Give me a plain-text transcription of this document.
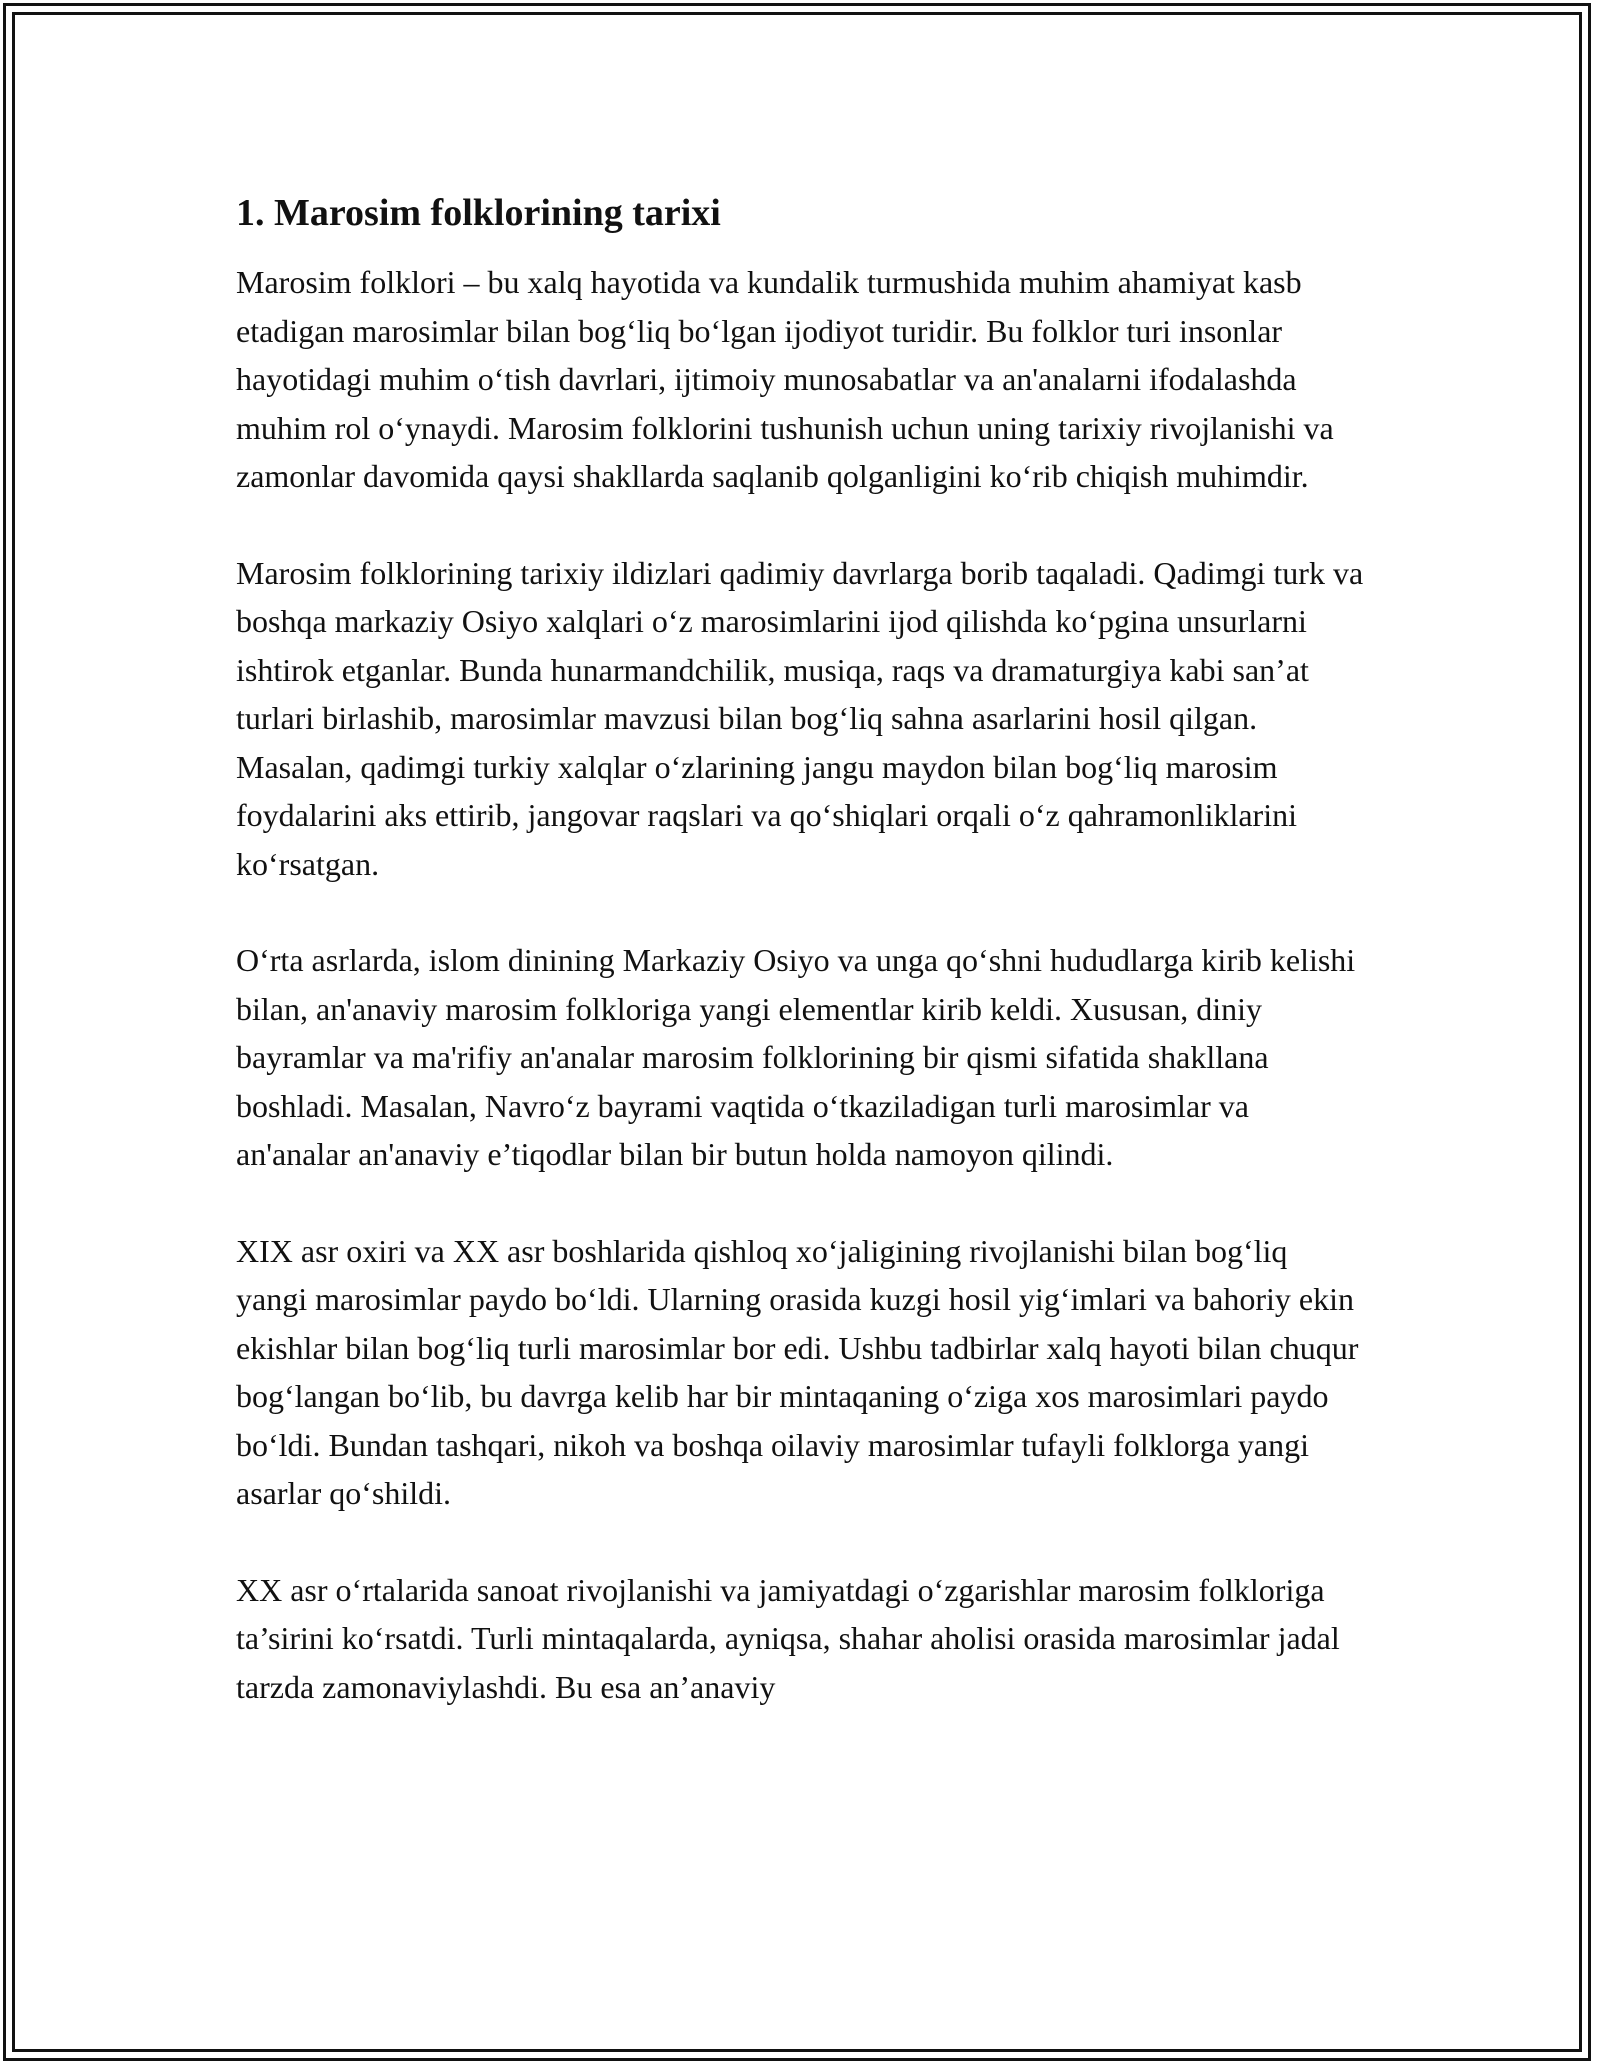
1. Marosim folklorining tarixi

Marosim folklori – bu xalq hayotida va kundalik turmushida muhim ahamiyat kasb etadigan marosimlar bilan bog‘liq bo‘lgan ijodiyot turidir. Bu folklor turi insonlar hayotidagi muhim o‘tish davrlari, ijtimoiy munosabatlar va an'analarni ifodalashda muhim rol o‘ynaydi. Marosim folklorini tushunish uchun uning tarixiy rivojlanishi va zamonlar davomida qaysi shakllarda saqlanib qolganligini ko‘rib chiqish muhimdir.

Marosim folklorining tarixiy ildizlari qadimiy davrlarga borib taqaladi. Qadimgi turk va boshqa markaziy Osiyo xalqlari o‘z marosimlarini ijod qilishda ko‘pgina unsurlarni ishtirok etganlar. Bunda hunarmandchilik, musiqa, raqs va dramaturgiya kabi san’at turlari birlashib, marosimlar mavzusi bilan bog‘liq sahna asarlarini hosil qilgan. Masalan, qadimgi turkiy xalqlar o‘zlarining jangu maydon bilan bog‘liq marosim foydalarini aks ettirib, jangovar raqslari va qo‘shiqlari orqali o‘z qahramonliklarini ko‘rsatgan.

O‘rta asrlarda, islom dinining Markaziy Osiyo va unga qo‘shni hududlarga kirib kelishi bilan, an'anaviy marosim folkloriga yangi elementlar kirib keldi. Xususan, diniy bayramlar va ma'rifiy an'analar marosim folklorining bir qismi sifatida shakllana boshladi. Masalan, Navro‘z bayrami vaqtida o‘tkaziladigan turli marosimlar va an'analar an'anaviy e’tiqodlar bilan bir butun holda namoyon qilindi.

XIX asr oxiri va XX asr boshlarida qishloq xo‘jaligining rivojlanishi bilan bog‘liq yangi marosimlar paydo bo‘ldi. Ularning orasida kuzgi hosil yig‘imlari va bahoriy ekin ekishlar bilan bog‘liq turli marosimlar bor edi. Ushbu tadbirlar xalq hayoti bilan chuqur bog‘langan bo‘lib, bu davrga kelib har bir mintaqaning o‘ziga xos marosimlari paydo bo‘ldi. Bundan tashqari, nikoh va boshqa oilaviy marosimlar tufayli folklorga yangi asarlar qo‘shildi.

XX asr o‘rtalarida sanoat rivojlanishi va jamiyatdagi o‘zgarishlar marosim folkloriga ta’sirini ko‘rsatdi. Turli mintaqalarda, ayniqsa, shahar aholisi orasida marosimlar jadal tarzda zamonaviylashdi. Bu esa an’anaviy
